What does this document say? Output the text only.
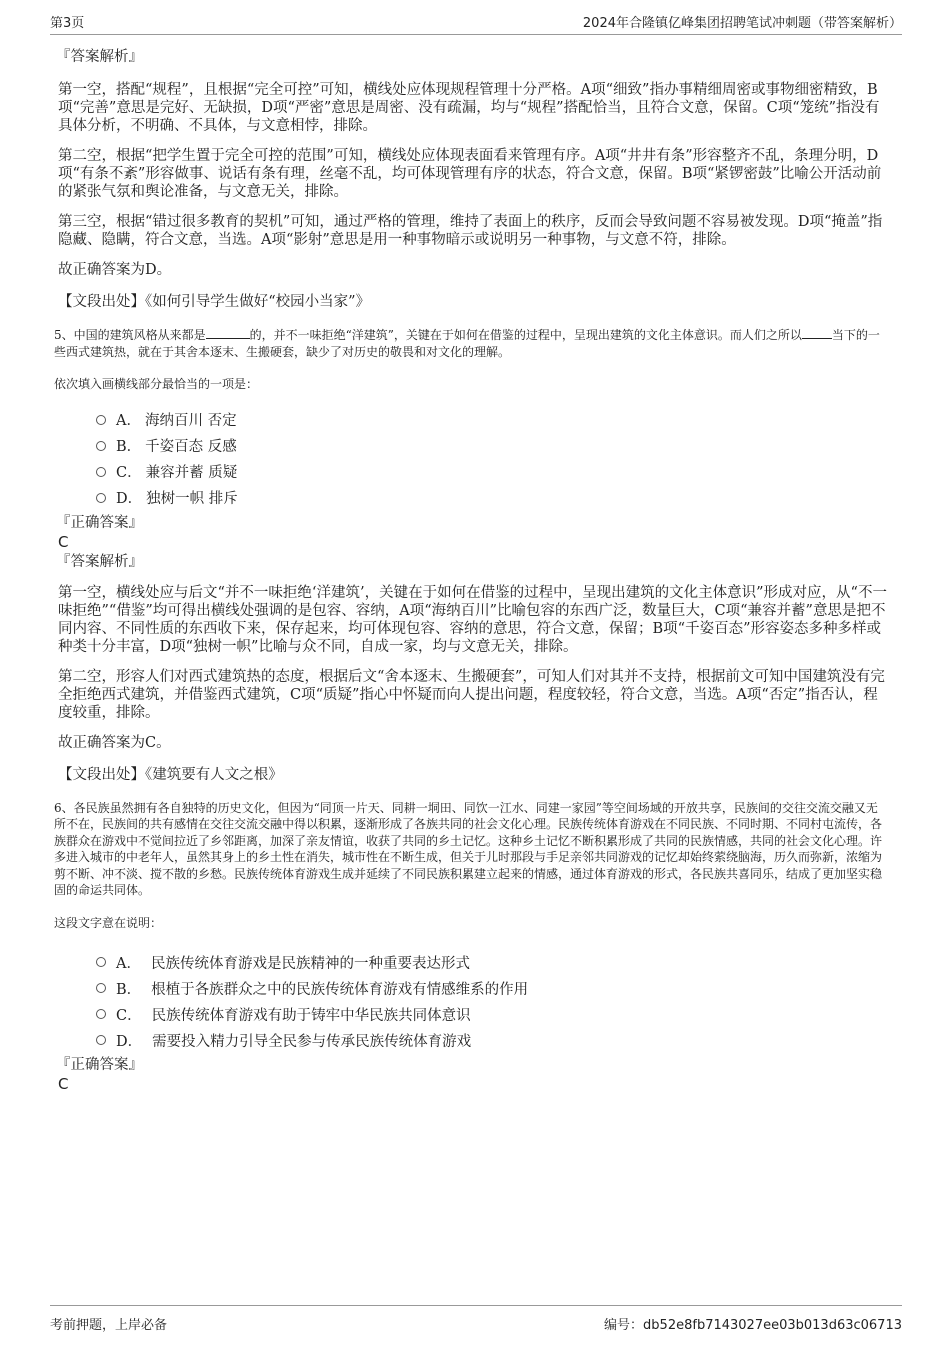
第3页	2024年合隆镇亿峰集团招聘笔试冲刺题（带答案解析）

『答案解析』

第一空，搭配“规程”，且根据“完全可控”可知，横线处应体现规程管理十分严格。A项“细致”指办事精细周密或事物细密精致，B项“完善”意思是完好、无缺损，D项“严密”意思是周密、没有疏漏，均与“规程”搭配恰当，且符合文意，保留。C项“笼统”指没有具体分析，不明确、不具体，与文意相悖，排除。

第二空，根据“把学生置于完全可控的范围”可知，横线处应体现表面看来管理有序。A项“井井有条”形容整齐不乱，条理分明，D项“有条不紊”形容做事、说话有条有理，丝毫不乱，均可体现管理有序的状态，符合文意，保留。B项“紧锣密鼓”比喻公开活动前的紧张气氛和舆论准备，与文意无关，排除。

第三空，根据“错过很多教育的契机”可知，通过严格的管理，维持了表面上的秩序，反而会导致问题不容易被发现。D项“掩盖”指隐藏、隐瞒，符合文意，当选。A项“影射”意思是用一种事物暗示或说明另一种事物，与文意不符，排除。

故正确答案为D。

【文段出处】《如何引导学生做好“校园小当家”》

5、中国的建筑风格从来都是	的，并不一味拒绝“洋建筑”，关键在于如何在借鉴的过程中，呈现出建筑的文化主体意识。而人们之所以	当下的一些西式建筑热，就在于其舍本逐末、生搬硬套，缺少了对历史的敬畏和对文化的理解。

依次填入画横线部分最恰当的一项是：

A． 海纳百川 否定
B． 千姿百态 反感
C． 兼容并蓄 质疑
D． 独树一帜 排斥

『正确答案』

C

『答案解析』

第一空，横线处应与后文“并不一味拒绝‘洋建筑’，关键在于如何在借鉴的过程中，呈现出建筑的文化主体意识”形成对应，从“不一味拒绝”“借鉴”均可得出横线处强调的是包容、容纳，A项“海纳百川”比喻包容的东西广泛，数量巨大，C项“兼容并蓄”意思是把不同内容、不同性质的东西收下来，保存起来，均可体现包容、容纳的意思，符合文意，保留；B项“千姿百态”形容姿态多种多样或种类十分丰富，D项“独树一帜”比喻与众不同，自成一家，均与文意无关，排除。

第二空，形容人们对西式建筑热的态度，根据后文“舍本逐末、生搬硬套”，可知人们对其并不支持，根据前文可知中国建筑没有完全拒绝西式建筑，并借鉴西式建筑，C项“质疑”指心中怀疑而向人提出问题，程度较轻，符合文意，当选。A项“否定”指否认，程度较重，排除。

故正确答案为C。

【文段出处】《建筑要有人文之根》

6、各民族虽然拥有各自独特的历史文化，但因为“同顶一片天、同耕一垌田、同饮一江水、同建一家园”等空间场域的开放共享，民族间的交往交流交融又无所不在，民族间的共有感情在交往交流交融中得以积累，逐渐形成了各族共同的社会文化心理。民族传统体育游戏在不同民族、不同时期、不同村屯流传，各族群众在游戏中不觉间拉近了乡邻距离，加深了亲友情谊，收获了共同的乡土记忆。这种乡土记忆不断积累形成了共同的民族情感，共同的社会文化心理。许多进入城市的中老年人，虽然其身上的乡土性在消失，城市性在不断生成，但关于儿时那段与手足亲邻共同游戏的记忆却始终萦绕脑海，历久而弥新，浓缩为剪不断、冲不淡、搅不散的乡愁。民族传统体育游戏生成并延续了不同民族积累建立起来的情感，通过体育游戏的形式，各民族共喜同乐，结成了更加坚实稳固的命运共同体。

这段文字意在说明：

A． 民族传统体育游戏是民族精神的一种重要表达形式
B． 根植于各族群众之中的民族传统体育游戏有情感维系的作用
C． 民族传统体育游戏有助于铸牢中华民族共同体意识
D． 需要投入精力引导全民参与传承民族传统体育游戏

『正确答案』

C

考前押题，上岸必备	编号：db52e8fb7143027ee03b013d63c06713
